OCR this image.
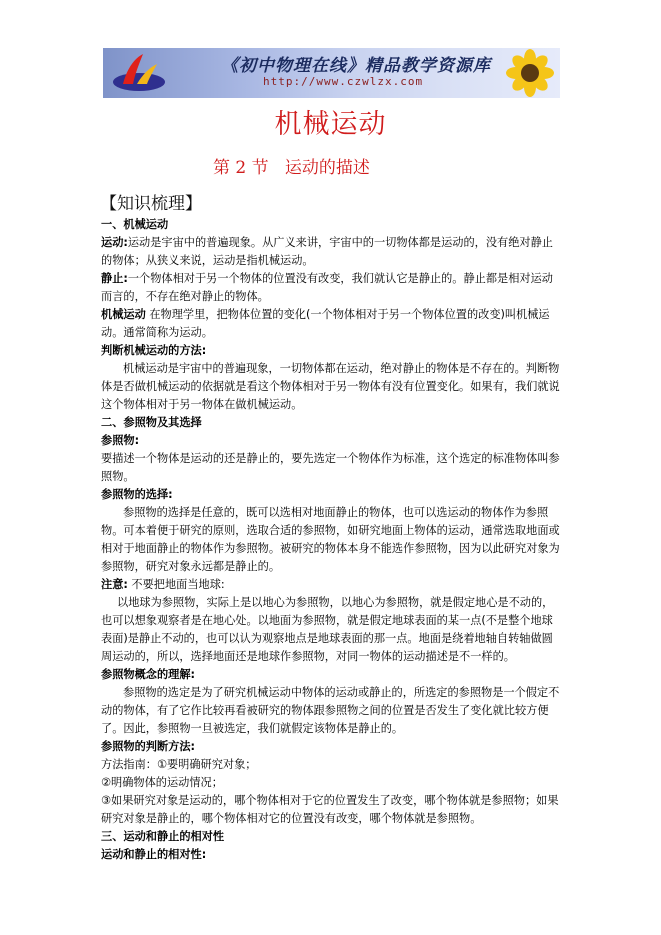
《初中物理在线》精品教学资源库
http://www.czwlzx.com
机械运动
第 2 节   运动的描述
【知识梳理】

一、机械运动

运动:运动是宇宙中的普遍现象。从广义来讲，宇宙中的一切物体都是运动的，没有绝对静止的物体；从狭义来说，运动是指机械运动。

静止:一个物体相对于另一个物体的位置没有改变，我们就认它是静止的。静止都是相对运动而言的，不存在绝对静止的物体。

机械运动 在物理学里，把物体位置的变化(一个物体相对于另一个物体位置的改变)叫机械运动。通常简称为运动。

判断机械运动的方法:

机械运动是宇宙中的普遍现象，一切物体都在运动，绝对静止的物体是不存在的。判断物体是否做机械运动的依据就是看这个物体相对于另一物体有没有位置变化。如果有，我们就说这个物体相对于另一物体在做机械运动。

二、参照物及其选择

参照物:

要描述一个物体是运动的还是静止的，要先选定一个物体作为标准，这个选定的标准物体叫参照物。

参照物的选择:

参照物的选择是任意的，既可以选相对地面静止的物体，也可以选运动的物体作为参照物。可本着便于研究的原则，选取合适的参照物，如研究地面上物体的运动，通常选取地面或相对于地面静止的物体作为参照物。被研究的物体本身不能选作参照物，因为以此研究对象为参照物，研究对象永远都是静止的。

注意: 不要把地面当地球:

以地球为参照物，实际上是以地心为参照物，以地心为参照物，就是假定地心是不动的，也可以想象观察者是在地心处。以地面为参照物，就是假定地球表面的某一点(不是整个地球表面)是静止不动的，也可以认为观察地点是地球表面的那一点。地面是绕着地轴自转轴做圆周运动的，所以，选择地面还是地球作参照物，对同一物体的运动描述是不一样的。

参照物概念的理解:

参照物的选定是为了研究机械运动中物体的运动或静止的，所选定的参照物是一个假定不动的物体，有了它作比较再看被研究的物体跟参照物之间的位置是否发生了变化就比较方便了。因此，参照物一旦被选定，我们就假定该物体是静止的。

参照物的判断方法:

方法指南：①要明确研究对象；

②明确物体的运动情况；

③如果研究对象是运动的，哪个物体相对于它的位置发生了改变，哪个物体就是参照物；如果研究对象是静止的，哪个物体相对它的位置没有改变，哪个物体就是参照物。

三、运动和静止的相对性

运动和静止的相对性:
